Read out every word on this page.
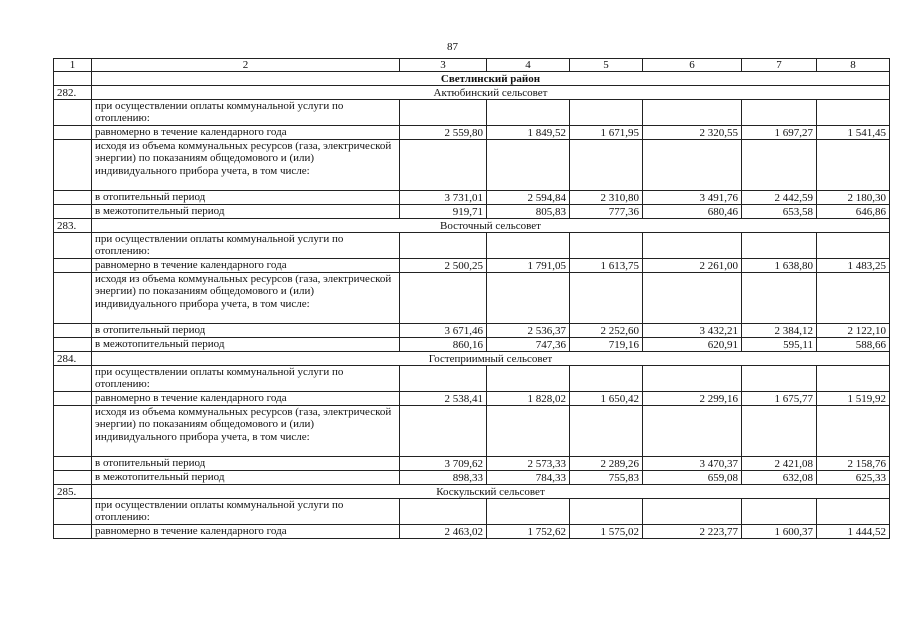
87
1	2	3	4	5	6	7	8
	Светлинский район						
282.	Актюбинский сельсовет						
	при осуществлении оплаты коммунальной услуги по отоплению:						
	равномерно в течение календарного года	2 559,80	1 849,52	1 671,95	2 320,55	1 697,27	1 541,45
	исходя из объема коммунальных ресурсов (газа, электрической энергии) по показаниям общедомового и (или) индивидуального прибора учета, в том числе:						
	в отопительный период	3 731,01	2 594,84	2 310,80	3 491,76	2 442,59	2 180,30
	в межотопительный период	919,71	805,83	777,36	680,46	653,58	646,86
283.	Восточный сельсовет						
	при осуществлении оплаты коммунальной услуги по отоплению:						
	равномерно в течение календарного года	2 500,25	1 791,05	1 613,75	2 261,00	1 638,80	1 483,25
	исходя из объема коммунальных ресурсов (газа, электрической энергии) по показаниям общедомового и (или) индивидуального прибора учета, в том числе:						
	в отопительный период	3 671,46	2 536,37	2 252,60	3 432,21	2 384,12	2 122,10
	в межотопительный период	860,16	747,36	719,16	620,91	595,11	588,66
284.	Гостеприимный сельсовет						
	при осуществлении оплаты коммунальной услуги по отоплению:						
	равномерно в течение календарного года	2 538,41	1 828,02	1 650,42	2 299,16	1 675,77	1 519,92
	исходя из объема коммунальных ресурсов (газа, электрической энергии) по показаниям общедомового и (или) индивидуального прибора учета, в том числе:						
	в отопительный период	3 709,62	2 573,33	2 289,26	3 470,37	2 421,08	2 158,76
	в межотопительный период	898,33	784,33	755,83	659,08	632,08	625,33
285.	Коскульский сельсовет						
	при осуществлении оплаты коммунальной услуги по отоплению:						
	равномерно в течение календарного года	2 463,02	1 752,62	1 575,02	2 223,77	1 600,37	1 444,52
